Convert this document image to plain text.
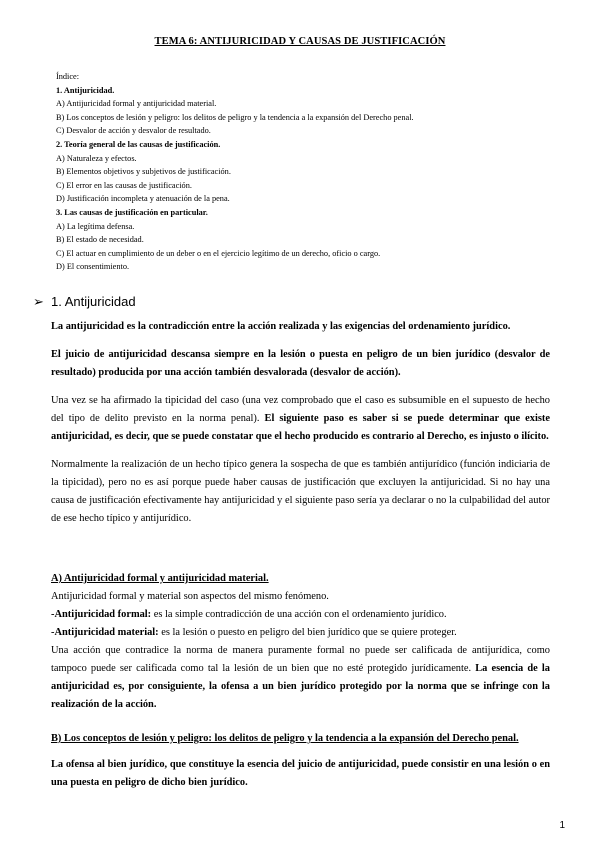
TEMA 6: ANTIJURICIDAD Y CAUSAS DE JUSTIFICACIÓN
Índice:
1. Antijuricidad.
A) Antijuricidad formal y antijuricidad material.
B) Los conceptos de lesión y peligro: los delitos de peligro y la tendencia a la expansión del Derecho penal.
C) Desvalor de acción y desvalor de resultado.
2. Teoría general de las causas de justificación.
A) Naturaleza y efectos.
B) Elementos objetivos y subjetivos de justificación.
C) El error en las causas de justificación.
D) Justificación incompleta y atenuación de la pena.
3. Las causas de justificación en particular.
A) La legítima defensa.
B) El estado de necesidad.
C) El actuar en cumplimiento de un deber o en el ejercicio legítimo de un derecho, oficio o cargo.
D) El consentimiento.
➢ 1. Antijuricidad

La antijuricidad es la contradicción entre la acción realizada y las exigencias del ordenamiento jurídico.

El juicio de antijuricidad descansa siempre en la lesión o puesta en peligro de un bien jurídico (desvalor de resultado) producida por una acción también desvalorada (desvalor de acción).

Una vez se ha afirmado la tipicidad del caso (una vez comprobado que el caso es subsumible en el supuesto de hecho del tipo de delito previsto en la norma penal). El siguiente paso es saber si se puede determinar que existe antijuricidad, es decir, que se puede constatar que el hecho producido es contrario al Derecho, es injusto o ilícito.

Normalmente la realización de un hecho típico genera la sospecha de que es también antijurídico (función indiciaria de la tipicidad), pero no es así porque puede haber causas de justificación que excluyen la antijuricidad. Si no hay una causa de justificación efectivamente hay antijuricidad y el siguiente paso sería ya declarar o no la culpabilidad del autor de ese hecho típico y antijurídico.

A) Antijuricidad formal y antijuricidad material.

Antijuricidad formal y material son aspectos del mismo fenómeno.

-Antijuricidad formal: es la simple contradicción de una acción con el ordenamiento jurídico.

-Antijuricidad material: es la lesión o puesto en peligro del bien jurídico que se quiere proteger.

Una acción que contradice la norma de manera puramente formal no puede ser calificada de antijurídica, como tampoco puede ser calificada como tal la lesión de un bien que no esté protegido jurídicamente. La esencia de la antijuricidad es, por consiguiente, la ofensa a un bien jurídico protegido por la norma que se infringe con la realización de la acción.

B) Los conceptos de lesión y peligro: los delitos de peligro y la tendencia a la expansión del Derecho penal.

La ofensa al bien jurídico, que constituye la esencia del juicio de antijuricidad, puede consistir en una lesión o en una puesta en peligro de dicho bien jurídico.

1
